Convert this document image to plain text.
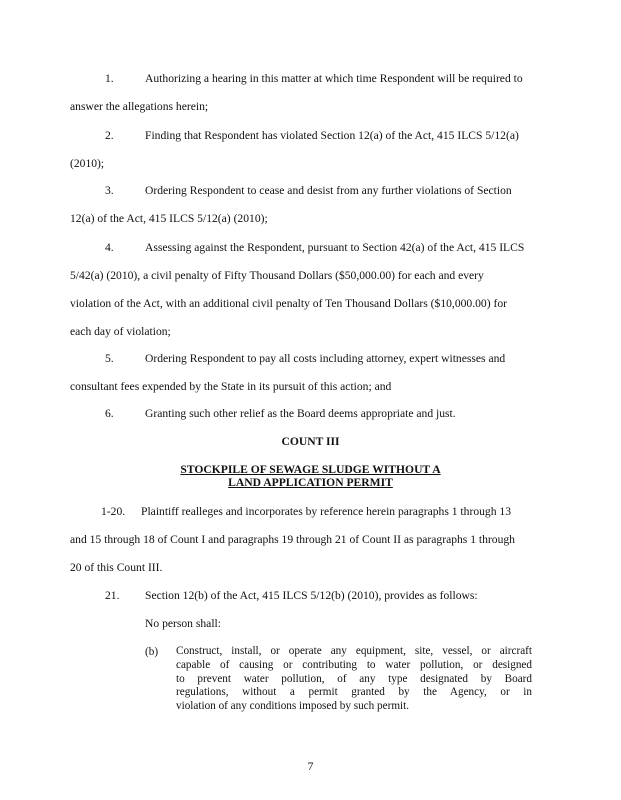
1.	Authorizing a hearing in this matter at which time Respondent will be required to
answer the allegations herein;
2.	Finding that Respondent has violated Section 12(a) of the Act, 415 ILCS 5/12(a)
(2010);
3.	Ordering Respondent to cease and desist from any further violations of Section
12(a) of the Act, 415 ILCS 5/12(a) (2010);
4.	Assessing against the Respondent, pursuant to Section 42(a) of the Act, 415 ILCS
5/42(a) (2010), a civil penalty of Fifty Thousand Dollars ($50,000.00) for each and every
violation of the Act, with an additional civil penalty of Ten Thousand Dollars ($10,000.00) for
each day of violation;
5.	Ordering Respondent to pay all costs including attorney, expert witnesses and
consultant fees expended by the State in its pursuit of this action; and
6.	Granting such other relief as the Board deems appropriate and just.
COUNT III
STOCKPILE OF SEWAGE SLUDGE WITHOUT A
LAND APPLICATION PERMIT
1-20. Plaintiff realleges and incorporates by reference herein paragraphs 1 through 13
and 15 through 18 of Count I and paragraphs 19 through 21 of Count II as paragraphs 1 through
20 of this Count III.
21. Section 12(b) of the Act, 415 ILCS 5/12(b) (2010), provides as follows:
No person shall:
(b) Construct, install, or operate any equipment, site, vessel, or aircraft
capable of causing or contributing to water pollution, or designed
to prevent water pollution, of any type designated by Board
regulations, without a permit granted by the Agency, or in
violation of any conditions imposed by such permit.
7
